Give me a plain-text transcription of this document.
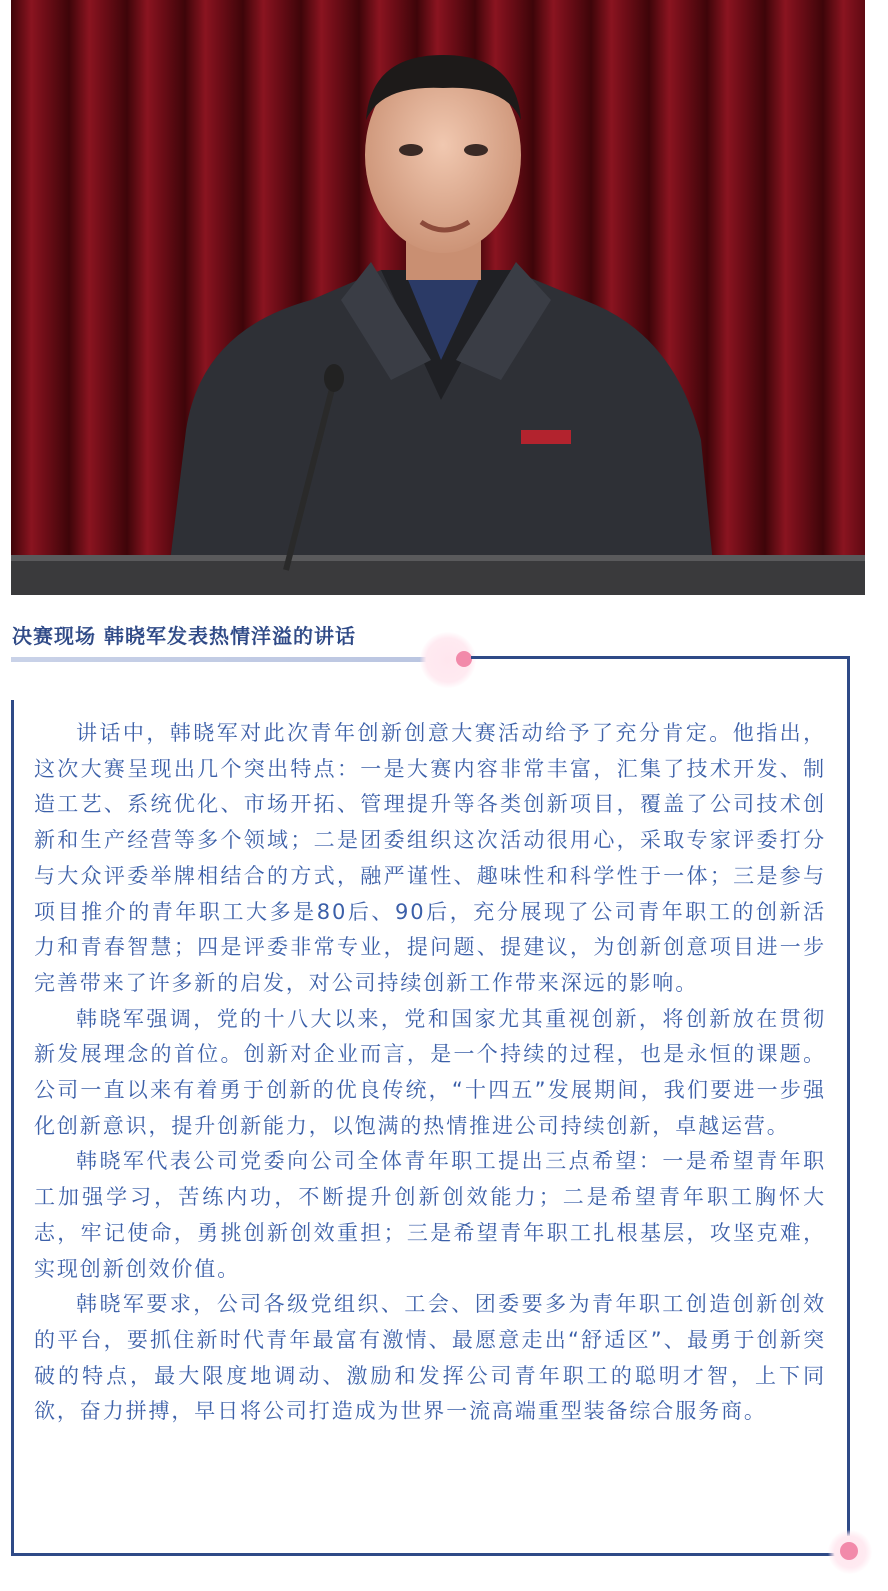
决赛现场 韩晓军发表热情洋溢的讲话

讲话中，韩晓军对此次青年创新创意大赛活动给予了充分肯定。他指出，这次大赛呈现出几个突出特点：一是大赛内容非常丰富，汇集了技术开发、制造工艺、系统优化、市场开拓、管理提升等各类创新项目，覆盖了公司技术创新和生产经营等多个领域；二是团委组织这次活动很用心，采取专家评委打分与大众评委举牌相结合的方式，融严谨性、趣味性和科学性于一体；三是参与项目推介的青年职工大多是80后、90后，充分展现了公司青年职工的创新活力和青春智慧；四是评委非常专业，提问题、提建议，为创新创意项目进一步完善带来了许多新的启发，对公司持续创新工作带来深远的影响。

韩晓军强调，党的十八大以来，党和国家尤其重视创新，将创新放在贯彻新发展理念的首位。创新对企业而言，是一个持续的过程，也是永恒的课题。公司一直以来有着勇于创新的优良传统，“十四五”发展期间，我们要进一步强化创新意识，提升创新能力，以饱满的热情推进公司持续创新，卓越运营。

韩晓军代表公司党委向公司全体青年职工提出三点希望：一是希望青年职工加强学习，苦练内功，不断提升创新创效能力；二是希望青年职工胸怀大志，牢记使命，勇挑创新创效重担；三是希望青年职工扎根基层，攻坚克难，实现创新创效价值。

韩晓军要求，公司各级党组织、工会、团委要多为青年职工创造创新创效的平台，要抓住新时代青年最富有激情、最愿意走出“舒适区”、最勇于创新突破的特点，最大限度地调动、激励和发挥公司青年职工的聪明才智，上下同欲，奋力拼搏，早日将公司打造成为世界一流高端重型装备综合服务商。
